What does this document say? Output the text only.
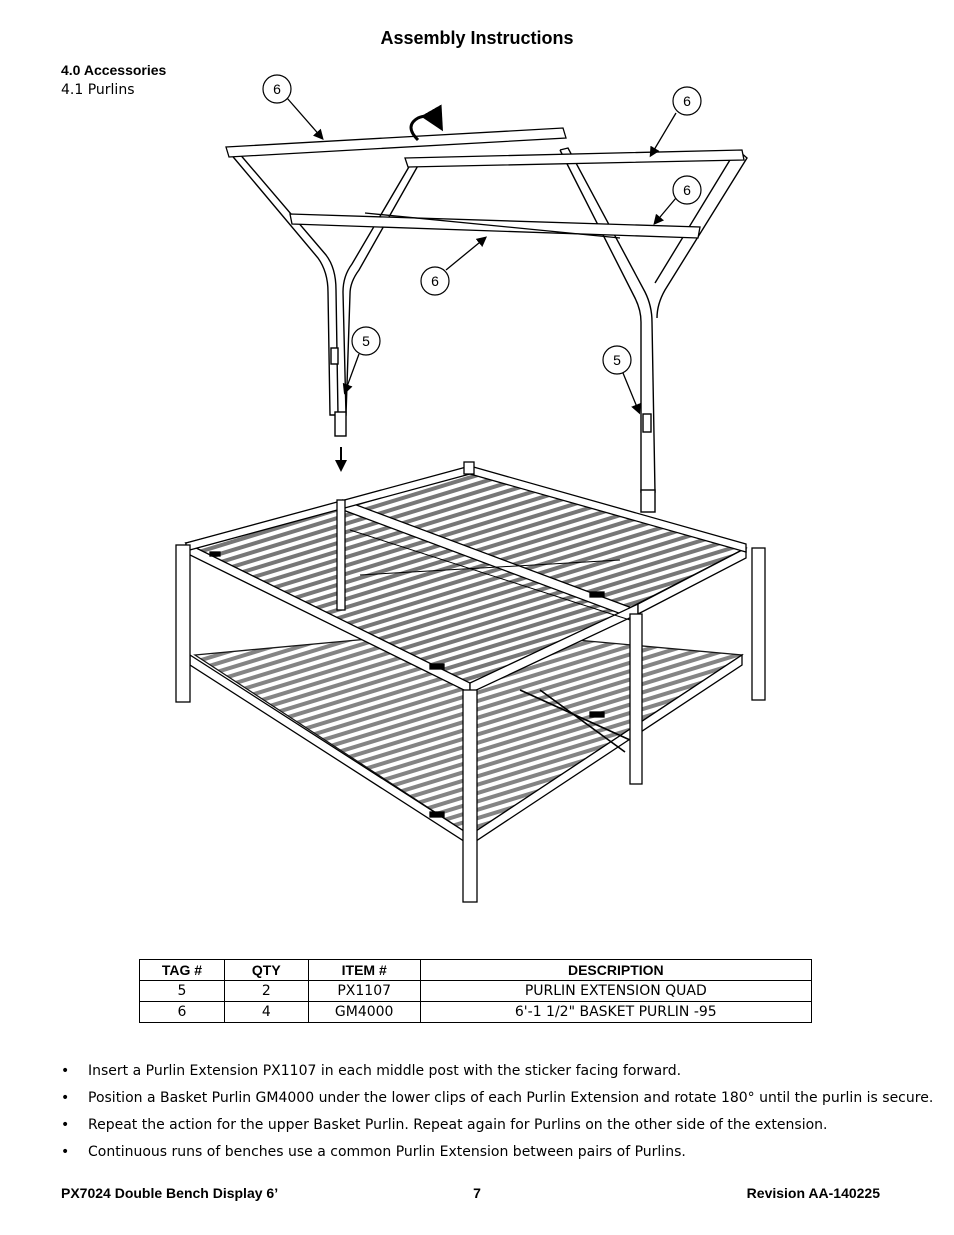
Assembly Instructions
4.0 Accessories
4.1 Purlins	6
6
6
6
5
5
TAG #	QTY	ITEM #	DESCRIPTION
5	2	PX1107	PURLIN EXTENSION QUAD
6	4	GM4000	6'-1 1/2" BASKET PURLIN -95
• Insert a Purlin Extension PX1107 in each middle post with the sticker facing forward.
• Position a Basket Purlin GM4000 under the lower clips of each Purlin Extension and rotate 180° until the purlin is secure.
• Repeat the action for the upper Basket Purlin. Repeat again for Purlins on the other side of the extension.
• Continuous runs of benches use a common Purlin Extension between pairs of Purlins.
PX7024 Double Bench Display 6’	7	Revision AA-140225
